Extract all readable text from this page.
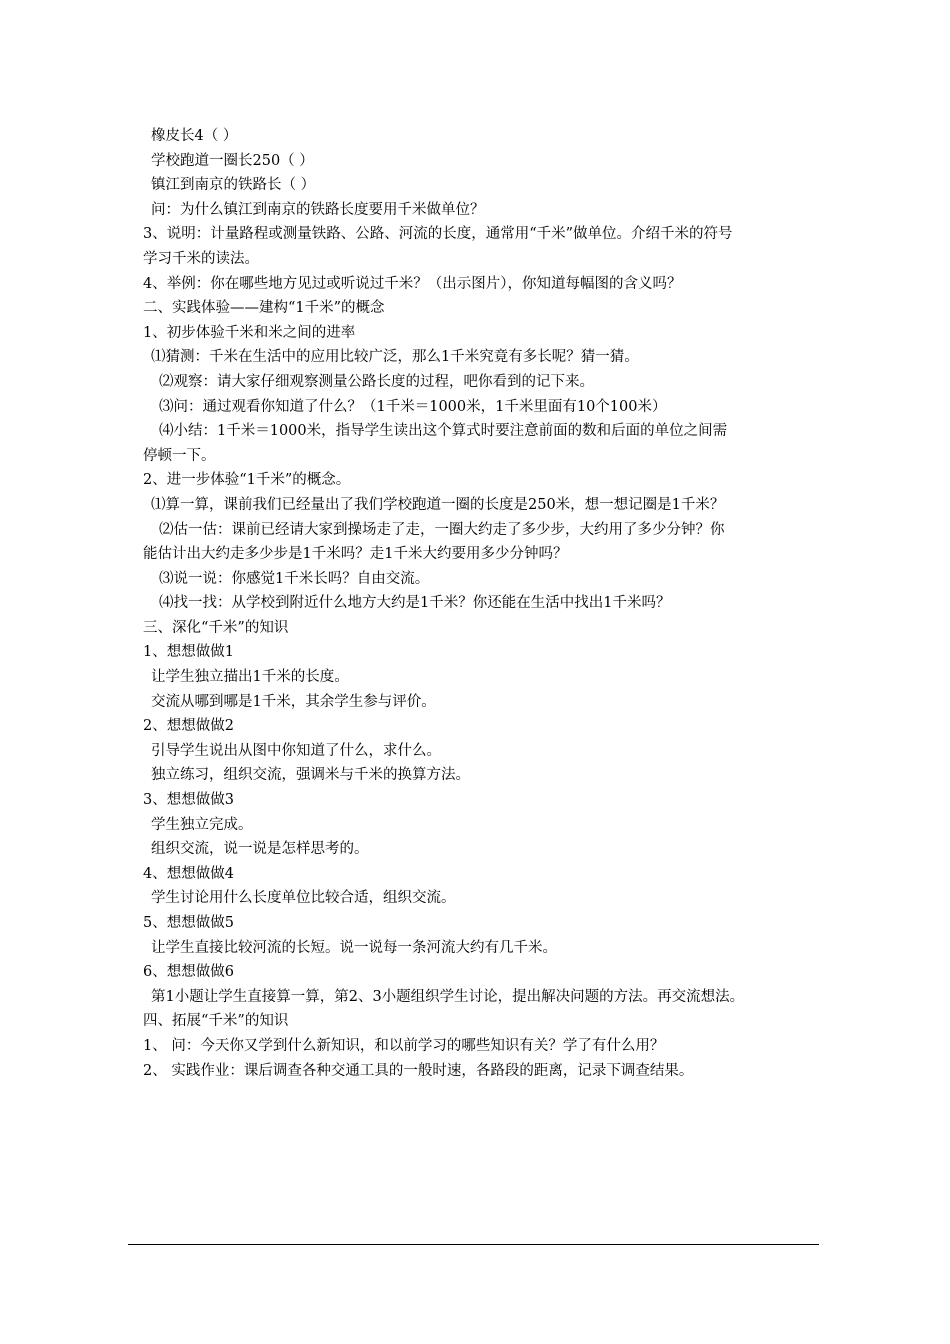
橡皮长4（ ）
学校跑道一圈长250（ ）
镇江到南京的铁路长（ ）
问：为什么镇江到南京的铁路长度要用千米做单位？
3、说明：计量路程或测量铁路、公路、河流的长度，通常用“千米”做单位。介绍千米的符号
学习千米的读法。
4、举例：你在哪些地方见过或听说过千米？（出示图片），你知道每幅图的含义吗？
二、实践体验——建构“1千米”的概念
1、初步体验千米和米之间的进率
⑴猜测：千米在生活中的应用比较广泛，那么1千米究竟有多长呢？猜一猜。
⑵观察：请大家仔细观察测量公路长度的过程，吧你看到的记下来。
⑶问：通过观看你知道了什么？（1千米＝1000米，1千米里面有10个100米）
⑷小结：1千米＝1000米，指导学生读出这个算式时要注意前面的数和后面的单位之间需
停顿一下。
2、进一步体验“1千米”的概念。
⑴算一算，课前我们已经量出了我们学校跑道一圈的长度是250米，想一想记圈是1千米？
⑵估一估：课前已经请大家到操场走了走，一圈大约走了多少步，大约用了多少分钟？你
能估计出大约走多少步是1千米吗？走1千米大约要用多少分钟吗？
⑶说一说：你感觉1千米长吗？自由交流。
⑷找一找：从学校到附近什么地方大约是1千米？你还能在生活中找出1千米吗？
三、深化“千米”的知识
1、想想做做1
让学生独立描出1千米的长度。
交流从哪到哪是1千米，其余学生参与评价。
2、想想做做2
引导学生说出从图中你知道了什么，求什么。
独立练习，组织交流，强调米与千米的换算方法。
3、想想做做3
学生独立完成。
组织交流，说一说是怎样思考的。
4、想想做做4
学生讨论用什么长度单位比较合适，组织交流。
5、想想做做5
让学生直接比较河流的长短。说一说每一条河流大约有几千米。
6、想想做做6
第1小题让学生直接算一算，第2、3小题组织学生讨论，提出解决问题的方法。再交流想法。
四、拓展“千米”的知识
1、 问：今天你又学到什么新知识，和以前学习的哪些知识有关？学了有什么用？
2、 实践作业：课后调查各种交通工具的一般时速，各路段的距离，记录下调查结果。
